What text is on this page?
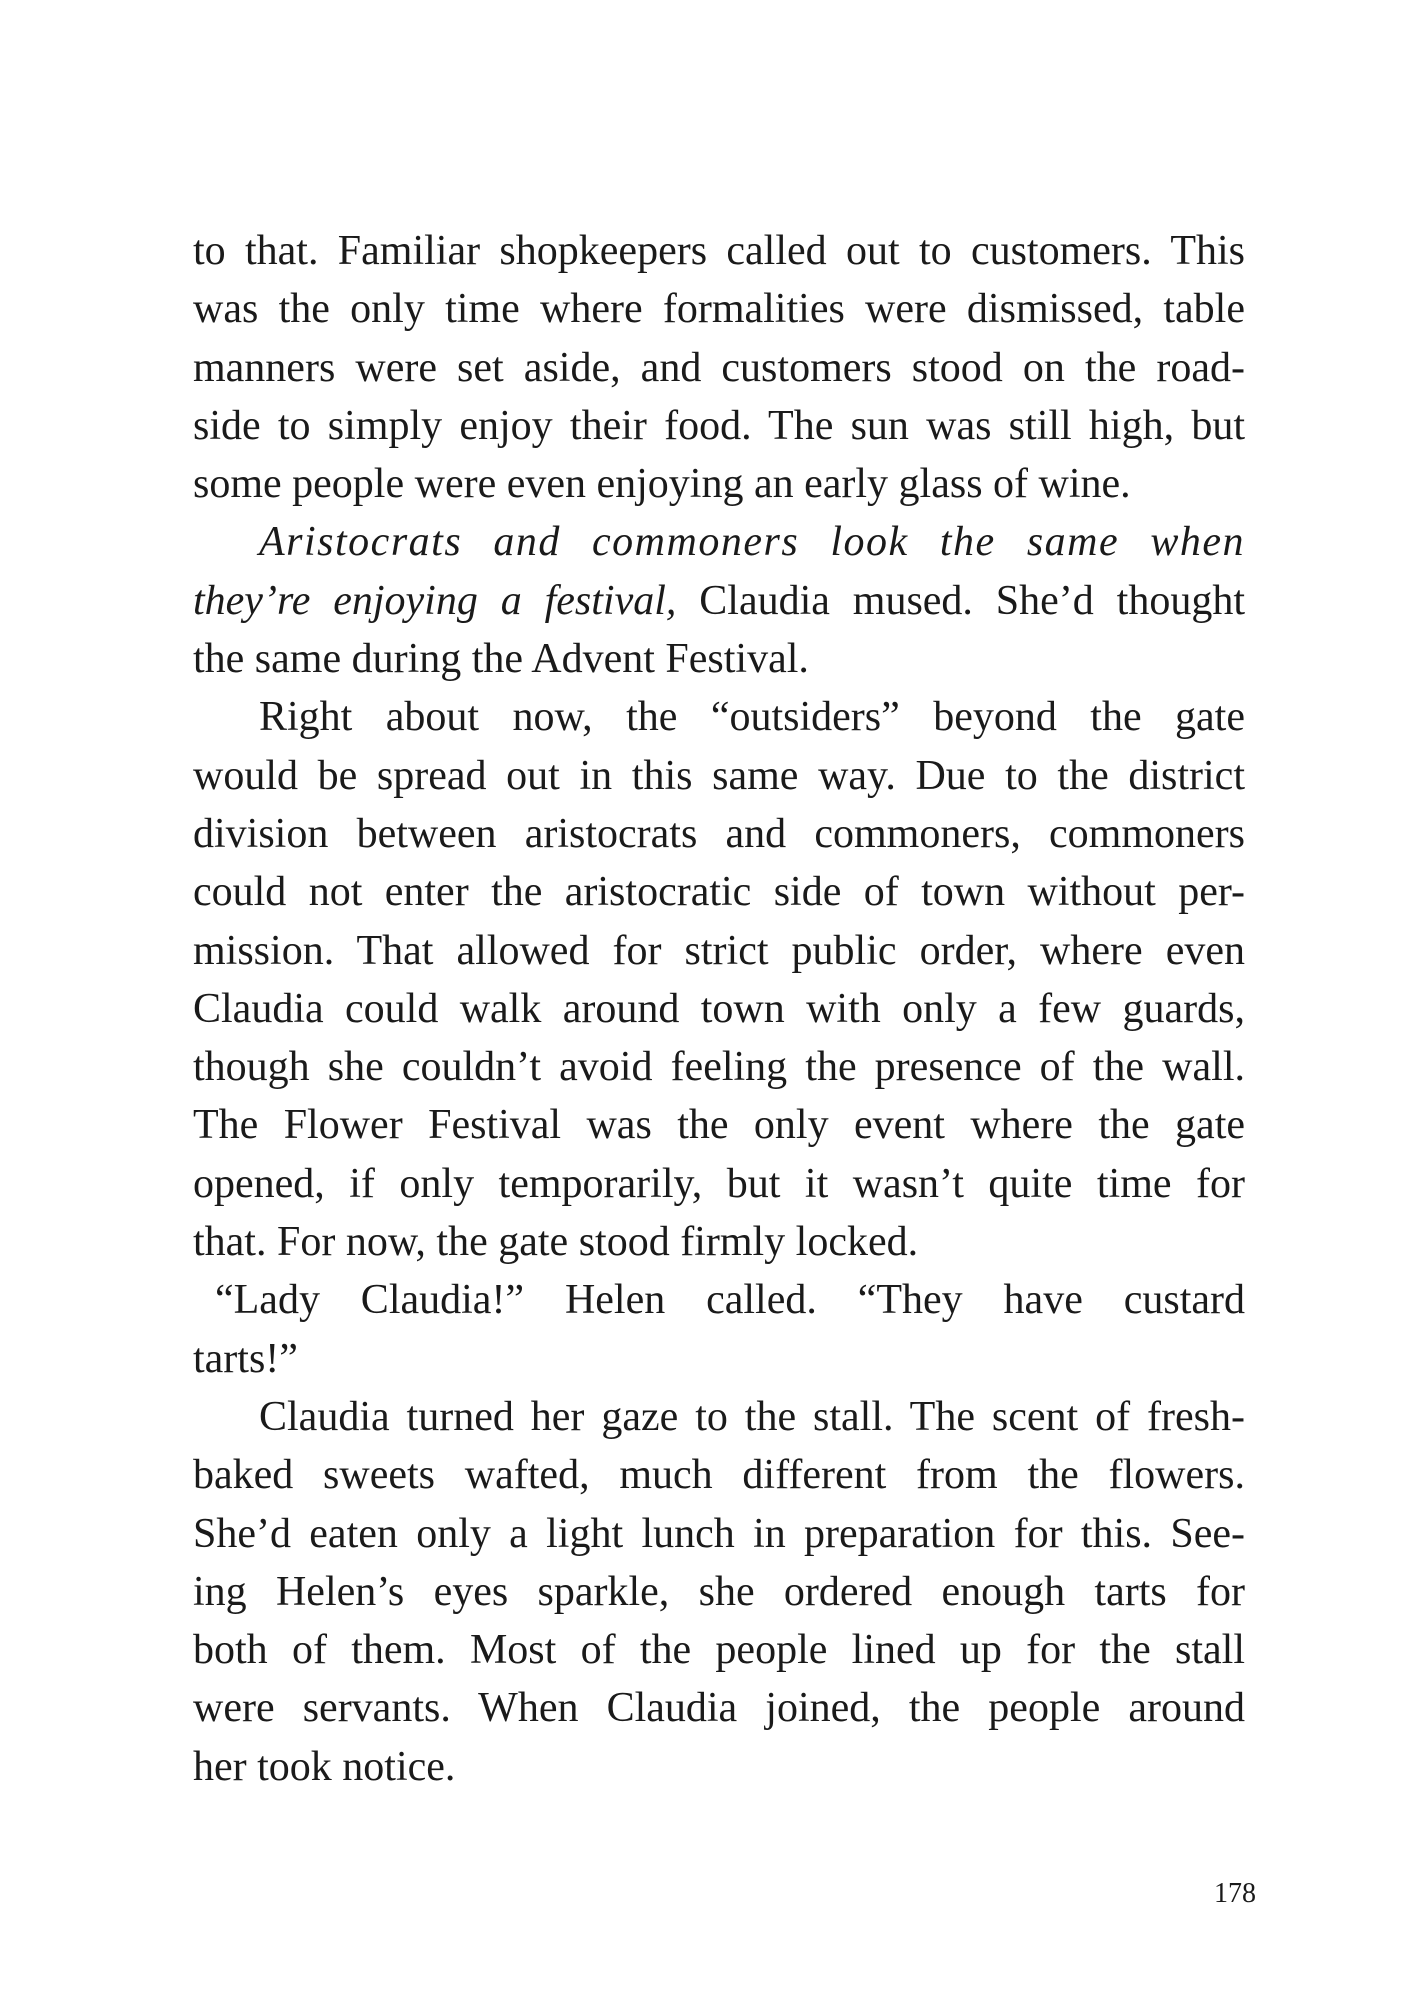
to that. Familiar shopkeepers called out to customers. This
was the only time where formalities were dismissed, table
manners were set aside, and customers stood on the road-
side to simply enjoy their food. The sun was still high, but
some people were even enjoying an early glass of wine.
Aristocrats and commoners look the same when
they’re enjoying a festival, Claudia mused. She’d thought
the same during the Advent Festival.
Right about now, the “outsiders” beyond the gate
would be spread out in this same way. Due to the district
division between aristocrats and commoners, commoners
could not enter the aristocratic side of town without per-
mission. That allowed for strict public order, where even
Claudia could walk around town with only a few guards,
though she couldn’t avoid feeling the presence of the wall.
The Flower Festival was the only event where the gate
opened, if only temporarily, but it wasn’t quite time for
that. For now, the gate stood firmly locked.
“Lady Claudia!” Helen called. “They have custard
tarts!”
Claudia turned her gaze to the stall. The scent of fresh-
baked sweets wafted, much different from the flowers.
She’d eaten only a light lunch in preparation for this. See-
ing Helen’s eyes sparkle, she ordered enough tarts for
both of them. Most of the people lined up for the stall
were servants. When Claudia joined, the people around
her took notice.
178
